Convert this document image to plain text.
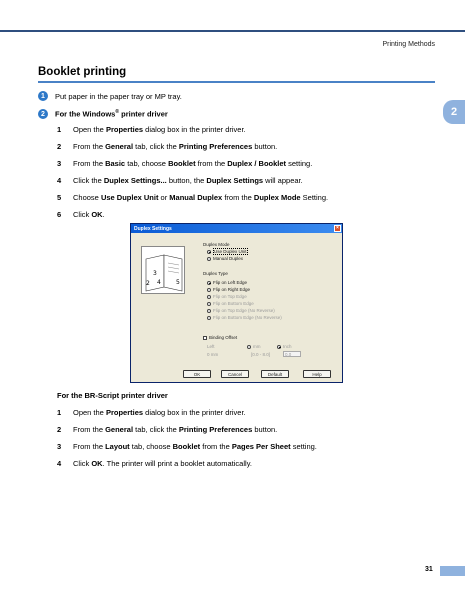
Printing Methods
Booklet printing
2
1	Put paper in the paper tray or MP tray.
2	For the Windows® printer driver
1	Open the Properties dialog box in the printer driver.
2	From the General tab, click the Printing Preferences button.
3	From the Basic tab, choose Booklet from the Duplex / Booklet setting.
4	Click the Duplex Settings... button, the Duplex Settings will appear.
5	Choose Use Duplex Unit or Manual Duplex from the Duplex Mode Setting.
6	Click OK.
Duplex Settings	×
3
2 4	5
Duplex Mode
Use Duplex Unit
Manual Duplex
Duplex Type
Flip on Left Edge
Flip on Right Edge
Flip on Top Edge
Flip on Bottom Edge
Flip on Top Edge (No Reverse)
Flip on Bottom Edge (No Reverse)
Binding Offset
Left	mm	Inch
0 mm	[0.0 - 8.0]	0.0
OK	Cancel	Default	Help
For the BR-Script printer driver
1	Open the Properties dialog box in the printer driver.
2	From the General tab, click the Printing Preferences button.
3	From the Layout tab, choose Booklet from the Pages Per Sheet setting.
4	Click OK. The printer will print a booklet automatically.
31
